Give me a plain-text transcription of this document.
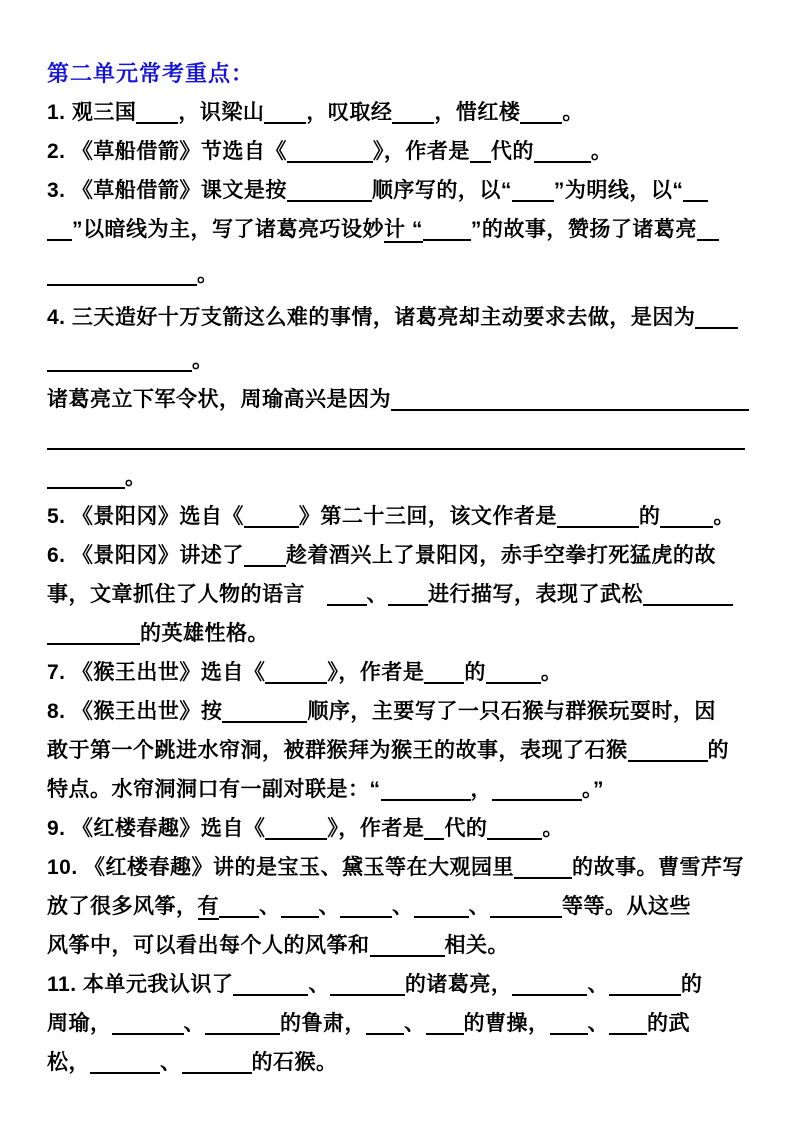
第二单元常考重点：
1. 观三国 ，识梁山 ，叹取经 ，惜红楼 。
2. 《草船借箭》节选自《	》，作者是 代的	。
3. 《草船借箭》课文是按	顺序写的，以“ ”为明线，以“
”以暗线为主，写了诸葛亮巧设妙计 “ ”的故事，赞扬了诸葛亮
。
4. 三天造好十万支箭这么难的事情，诸葛亮却主动要求去做，是因为
。
诸葛亮立下军令状，周瑜高兴是因为
。
5. 《景阳冈》选自《	》第二十三回，该文作者是	的	。
6. 《景阳冈》讲述了 趁着酒兴上了景阳冈，赤手空拳打死猛虎的故
事，文章抓住了人物的语言　、 进行描写，表现了武松
的英雄性格。
7. 《猴王出世》选自《	》，作者是 的	。
8. 《猴王出世》按	顺序，主要写了一只石猴与群猴玩耍时，因
敢于第一个跳进水帘洞，被群猴拜为猴王的故事，表现了石猴	的
特点。水帘洞洞口有一副对联是：“	，	。”
9. 《红楼春趣》选自《	》，作者是 代的	。
10. 《红楼春趣》讲的是宝玉、黛玉等在大观园里	的故事。曹雪芹写
放了很多风筝，有 、 、 、	、	等等。从这些
风筝中，可以看出每个人的风筝和	相关。
11. 本单元我认识了	、	的诸葛亮，	、	的
周瑜，	、	的鲁肃， 、 的曹操， 、 的武
松，	、	的石猴。
